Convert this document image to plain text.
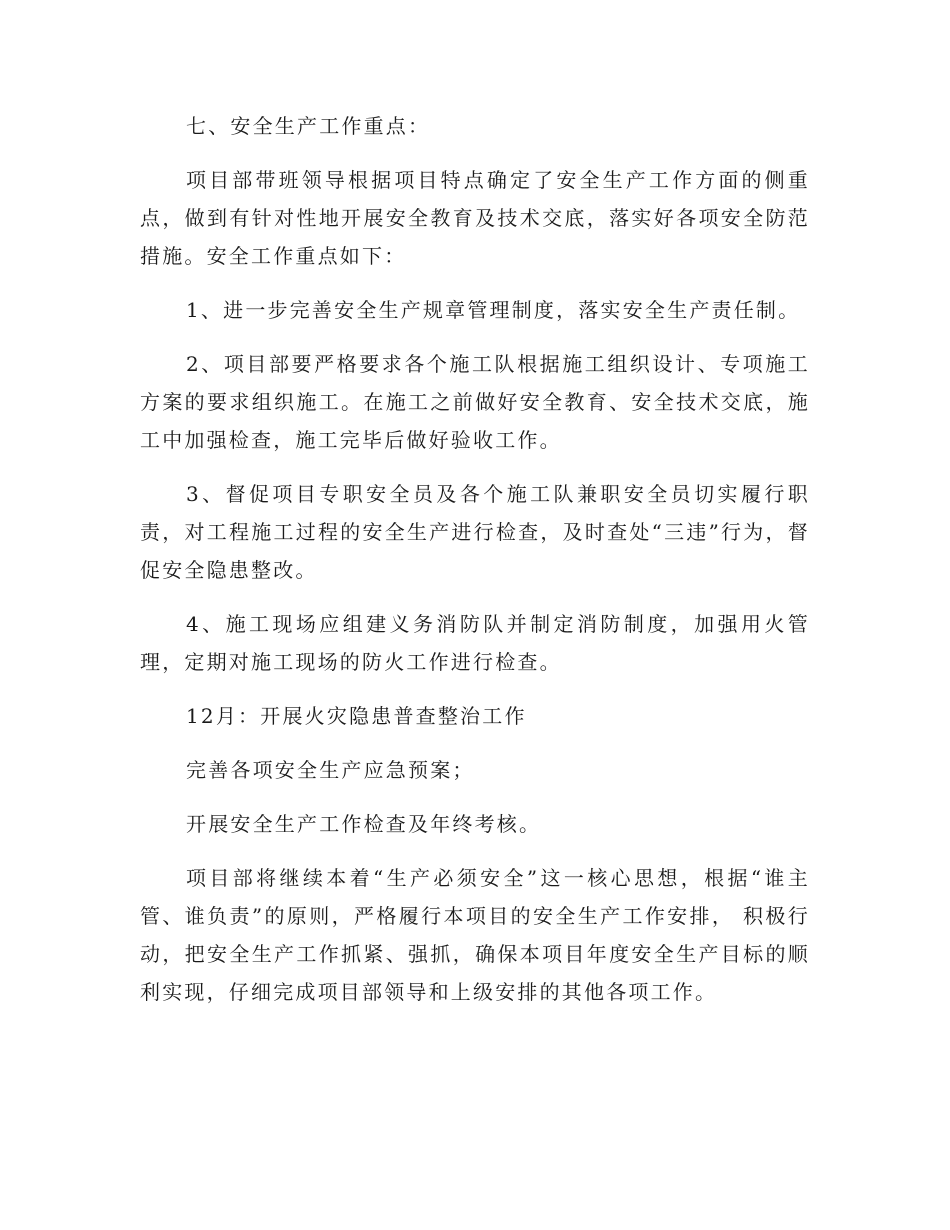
七、安全生产工作重点：

项目部带班领导根据项目特点确定了安全生产工作方面的侧重点，做到有针对性地开展安全教育及技术交底，落实好各项安全防范措施。安全工作重点如下：

1、进一步完善安全生产规章管理制度，落实安全生产责任制。

2、项目部要严格要求各个施工队根据施工组织设计、专项施工方案的要求组织施工。在施工之前做好安全教育、安全技术交底，施工中加强检查，施工完毕后做好验收工作。

3、督促项目专职安全员及各个施工队兼职安全员切实履行职责，对工程施工过程的安全生产进行检查，及时查处“三违”行为，督促安全隐患整改。

4、施工现场应组建义务消防队并制定消防制度，加强用火管理，定期对施工现场的防火工作进行检查。

12月：开展火灾隐患普查整治工作

完善各项安全生产应急预案；

开展安全生产工作检查及年终考核。

项目部将继续本着“生产必须安全”这一核心思想，根据“谁主管、谁负责”的原则，严格履行本项目的安全生产工作安排， 积极行动，把安全生产工作抓紧、强抓，确保本项目年度安全生产目标的顺利实现，仔细完成项目部领导和上级安排的其他各项工作。
